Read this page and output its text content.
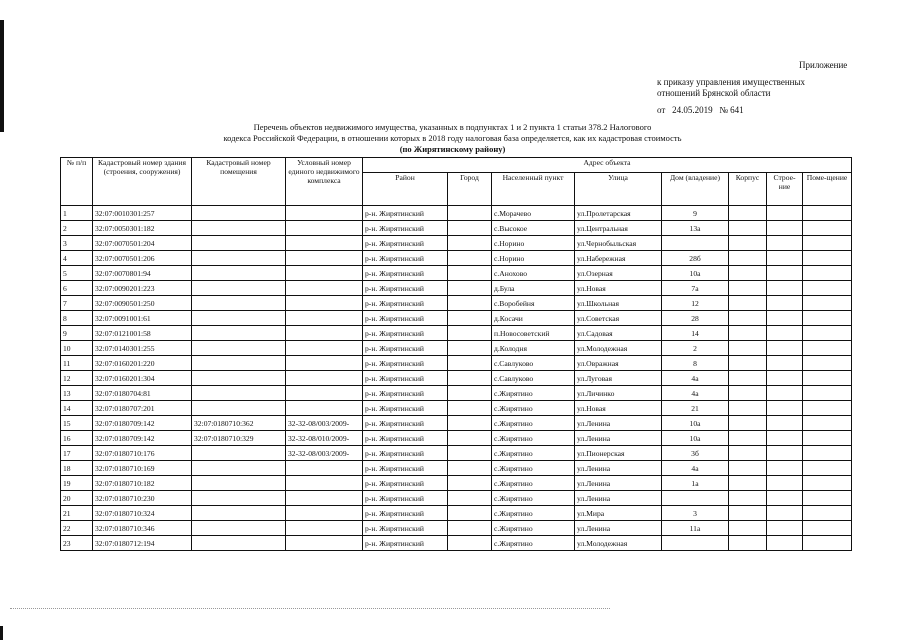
Приложение
к приказу управления имущественных
отношений Брянской области
от 24.05.2019 № 641
Перечень объектов недвижимого имущества, указанных в подпунктах 1 и 2 пункта 1 статьи 378.2 Налогового
кодекса Российской Федерации, в отношении которых в 2018 году налоговая база определяется, как их кадастровая стоимость
(по Жирятинскому району)
№ п/п	Кадастровый номер здания (строения, сооружения)	Кадастровый номер помещения	Условный номер единого недвижимого комплекса	Адрес объекта							
				Район	Город	Населенный пункт	Улица	Дом (владение)	Корпус	Строе-ние	Поме-щение
1	32:07:0010301:257			р-н. Жирятинский		с.Морачево	ул.Пролетарская	9			
2	32:07:0050301:182			р-н. Жирятинский		с.Высокое	ул.Центральная	13а			
3	32:07:0070501:204			р-н. Жирятинский		с.Норино	ул.Чернобыльская				
4	32:07:0070501:206			р-н. Жирятинский		с.Норино	ул.Набережная	28б			
5	32:07:0070801:94			р-н. Жирятинский		с.Анохово	ул.Озерная	10а			
6	32:07:0090201:223			р-н. Жирятинский		д.Була	ул.Новая	7а			
7	32:07:0090501:250			р-н. Жирятинский		с.Воробейня	ул.Школьная	12			
8	32:07:0091001:61			р-н. Жирятинский		д.Косачи	ул.Советская	28			
9	32:07:0121001:58			р-н. Жирятинский		п.Новосоветский	ул.Садовая	14			
10	32:07:0140301:255			р-н. Жирятинский		д.Колодня	ул.Молодежная	2			
11	32:07:0160201:220			р-н. Жирятинский		с.Савлуково	ул.Овражная	8			
12	32:07:0160201:304			р-н. Жирятинский		с.Савлуково	ул.Луговая	4а			
13	32:07:0180704:81			р-н. Жирятинский		с.Жирятино	ул.Личинко	4а			
14	32:07:0180707:201			р-н. Жирятинский		с.Жирятино	ул.Новая	21			
15	32:07:0180709:142	32:07:0180710:362	32-32-08/003/2009-	р-н. Жирятинский		с.Жирятино	ул.Ленина	10а			
16	32:07:0180709:142	32:07:0180710:329	32-32-08/010/2009-	р-н. Жирятинский		с.Жирятино	ул.Ленина	10а			
17	32:07:0180710:176		32-32-08/003/2009-	р-н. Жирятинский		с.Жирятино	ул.Пионерская	3б			
18	32:07:0180710:169			р-н. Жирятинский		с.Жирятино	ул.Ленина	4а			
19	32:07:0180710:182			р-н. Жирятинский		с.Жирятино	ул.Ленина	1а			
20	32:07:0180710:230			р-н. Жирятинский		с.Жирятино	ул.Ленина				
21	32:07:0180710:324			р-н. Жирятинский		с.Жирятино	ул.Мира	3			
22	32:07:0180710:346			р-н. Жирятинский		с.Жирятино	ул.Ленина	11а			
23	32:07:0180712:194			р-н. Жирятинский		с.Жирятино	ул.Молодежная				
